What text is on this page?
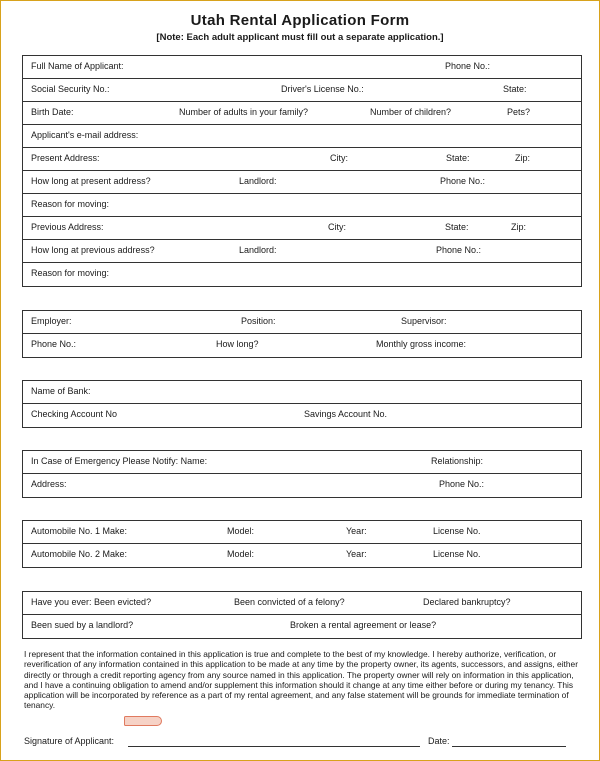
Utah Rental Application Form
[Note: Each adult applicant must fill out a separate application.]
Full Name of Applicant:	Phone No.:
Social Security No.:	Driver's License No.:	State:
Birth Date:	Number of adults in your family?	Number of children?	Pets?
Applicant's e-mail address:
Present Address:	City:	State:	Zip:
How long at present address?	Landlord:	Phone No.:
Reason for moving:
Previous Address:	City:	State:	Zip:
How long at previous address?	Landlord:	Phone No.:
Reason for moving:
Employer:	Position:	Supervisor:
Phone No.:	How long?	Monthly gross income:
Name of Bank:
Checking Account No	Savings Account No.
In Case of Emergency Please Notify: Name:	Relationship:
Address:	Phone No.:
Automobile No. 1 Make:	Model:	Year:	License No.
Automobile No. 2 Make:	Model:	Year:	License No.
Have you ever: Been evicted?	Been convicted of a felony?	Declared bankruptcy?
Been sued by a landlord?	Broken a rental agreement or lease?

I represent that the information contained in this application is true and complete to the best of my knowledge. I hereby authorize, verification, or reverification of any information contained in this application to be made at any time by the property owner, its agents, successors, and assigns, either directly or through a credit reporting agency from any source named in this application. The property owner will rely on information in this application, and I have a continuing obligation to amend and/or supplement this information should it change at any time either before or during my tenancy. This application will be incorporated by reference as a part of my rental agreement, and any false statement will be grounds for immediate termination of tenancy.

Signature of Applicant:	Date:
